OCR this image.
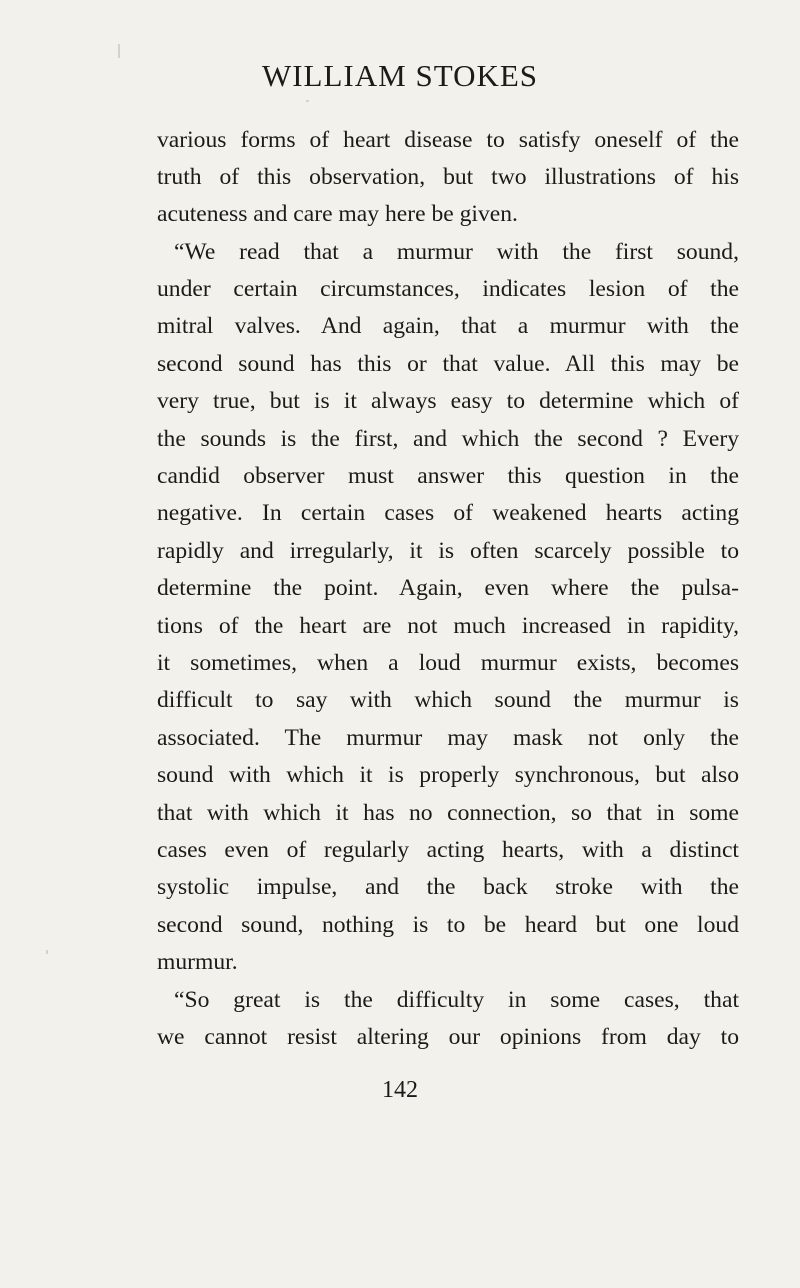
WILLIAM STOKES
various forms of heart disease to satisfy oneself of the
truth of this observation, but two illustrations of his
acuteness and care may here be given.
“We read that a murmur with the first sound,
under certain circumstances, indicates lesion of the
mitral valves. And again, that a murmur with the
second sound has this or that value. All this may be
very true, but is it always easy to determine which of
the sounds is the first, and which the second ? Every
candid observer must answer this question in the
negative. In certain cases of weakened hearts acting
rapidly and irregularly, it is often scarcely possible to
determine the point. Again, even where the pulsa-
tions of the heart are not much increased in rapidity,
it sometimes, when a loud murmur exists, becomes
difficult to say with which sound the murmur is
associated. The murmur may mask not only the
sound with which it is properly synchronous, but also
that with which it has no connection, so that in some
cases even of regularly acting hearts, with a distinct
systolic impulse, and the back stroke with the
second sound, nothing is to be heard but one loud
murmur.
“So great is the difficulty in some cases, that
we cannot resist altering our opinions from day to
142
